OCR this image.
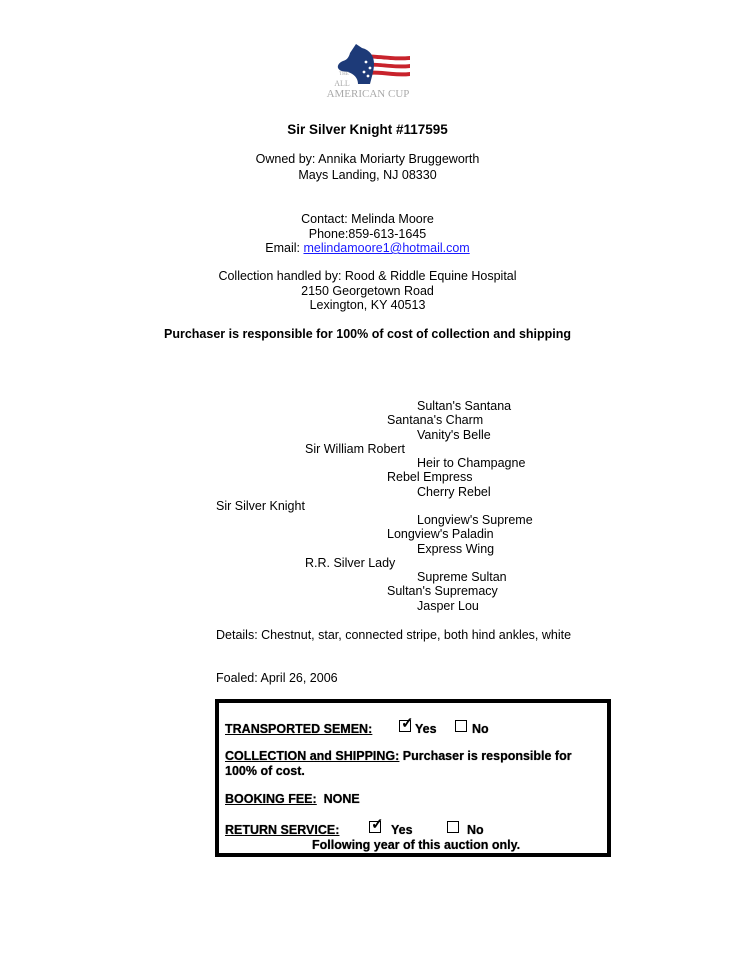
THE
ALL
AMERICAN CUP
Sir Silver Knight #117595
Owned by: Annika Moriarty Bruggeworth
Mays Landing, NJ 08330
Contact: Melinda Moore
Phone:859-613-1645
Email: melindamoore1@hotmail.com
Collection handled by: Rood & Riddle Equine Hospital
2150 Georgetown Road
Lexington, KY 40513
Purchaser is responsible for 100% of cost of collection and shipping
Sultan's Santana
Santana's Charm
Vanity's Belle
Sir William Robert
Heir to Champagne
Rebel Empress
Cherry Rebel
Sir Silver Knight
Longview's Supreme
Longview's Paladin
Express Wing
R.R. Silver Lady
Supreme Sultan
Sultan's Supremacy
Jasper Lou
Details: Chestnut, star, connected stripe, both hind ankles, white
Foaled: April 26, 2006
TRANSPORTED SEMEN: ✓ Yes	No
COLLECTION and SHIPPING: Purchaser is responsible for
100% of cost.
BOOKING FEE: NONE
RETURN SERVICE: ✓ Yes	No
Following year of this auction only.
